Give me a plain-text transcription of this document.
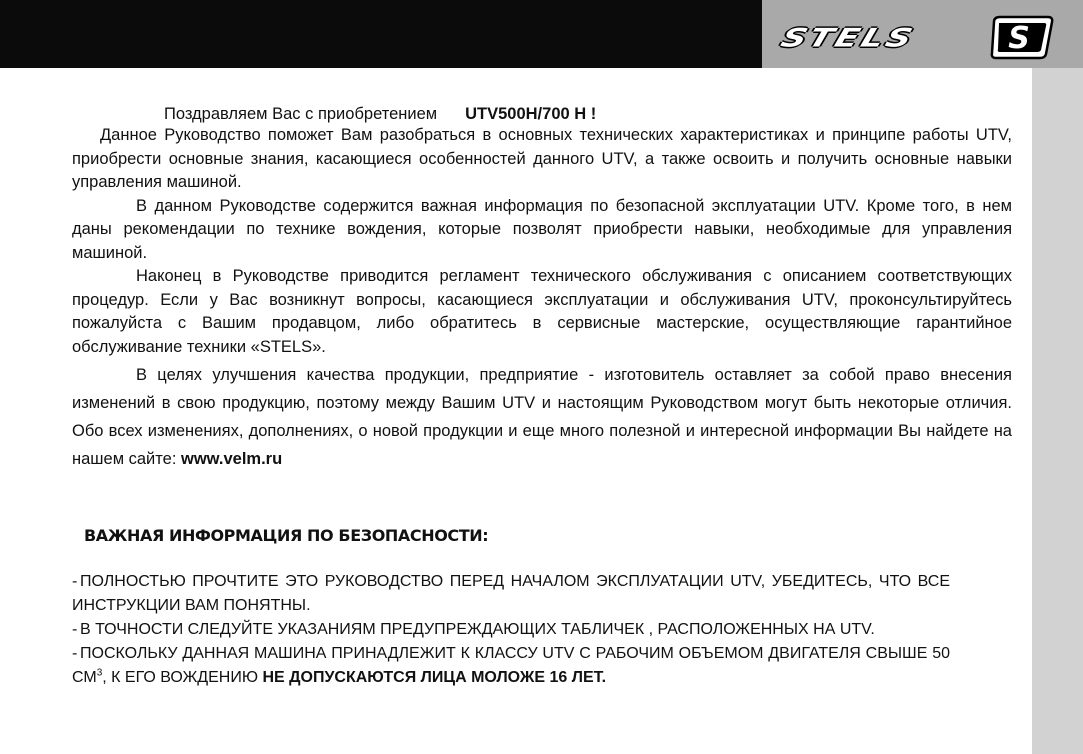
STELS	S

Поздравляем Вас с приобретением UTV500H/700 H !

Данное Руководство поможет Вам разобраться в основных технических характеристиках и принципе работы UTV, приобрести основные знания, касающиеся особенностей данного UTV, а также освоить и получить основные навыки управления машиной.

В данном Руководстве содержится важная информация по безопасной эксплуатации UTV. Кроме того, в нем даны рекомендации по технике вождения, которые позволят приобрести навыки, необходимые для управления машиной.

Наконец в Руководстве приводится регламент технического обслуживания с описанием соответствующих процедур. Если у Вас возникнут вопросы, касающиеся эксплуатации и обслуживания UTV, проконсультируйтесь пожалуйста с Вашим продавцом, либо обратитесь в сервисные мастерские, осуществляющие гарантийное обслуживание техники «STELS».

В целях улучшения качества продукции, предприятие - изготовитель оставляет за собой право внесения изменений в свою продукцию, поэтому между Вашим UTV и настоящим Руководством могут быть некоторые отличия. Обо всех изменениях, дополнениях, о новой продукции и еще много полезной и интересной информации Вы найдете на нашем сайте: www.velm.ru

ВАЖНАЯ ИНФОРМАЦИЯ ПО БЕЗОПАСНОСТИ:

- ПОЛНОСТЬЮ ПРОЧТИТЕ ЭТО РУКОВОДСТВО ПЕРЕД НАЧАЛОМ ЭКСПЛУАТАЦИИ UTV, УБЕДИТЕСЬ, ЧТО ВСЕ ИНСТРУКЦИИ ВАМ ПОНЯТНЫ.

- В ТОЧНОСТИ СЛЕДУЙТЕ УКАЗАНИЯМ ПРЕДУПРЕЖДАЮЩИХ ТАБЛИЧЕК , РАСПОЛОЖЕННЫХ НА UTV.

- ПОСКОЛЬКУ ДАННАЯ МАШИНА ПРИНАДЛЕЖИТ К КЛАССУ UTV С РАБОЧИМ ОБЪЕМОМ ДВИГАТЕЛЯ СВЫШЕ 50 $СМ^3$, К ЕГО ВОЖДЕНИЮ НЕ ДОПУСКАЮТСЯ ЛИЦА МОЛОЖЕ 16 ЛЕТ.
